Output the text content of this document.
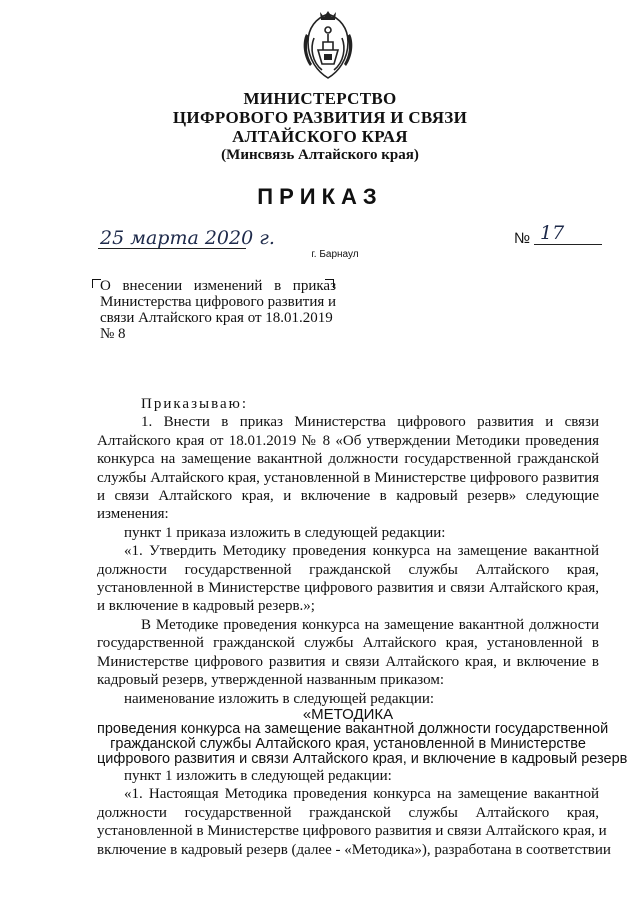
МИНИСТЕРСТВО
ЦИФРОВОГО РАЗВИТИЯ И СВЯЗИ
АЛТАЙСКОГО КРАЯ
(Минсвязь Алтайского края)
ПРИКАЗ
25 марта 2020 г.	№ 17
г. Барнаул
О внесении изменений в приказ
Министерства цифрового развития и
связи Алтайского края от 18.01.2019
№ 8

Приказываю:

1. Внести в приказ Министерства цифрового развития и связи

Алтайского края от 18.01.2019 № 8 «Об утверждении Методики проведения

конкурса на замещение вакантной должности государственной гражданской

службы Алтайского края, установленной в Министерстве цифрового развития

и связи Алтайского края, и включение в кадровый резерв» следующие

изменения:

пункт 1 приказа изложить в следующей редакции:

«1. Утвердить Методику проведения конкурса на замещение вакантной

должности государственной гражданской службы Алтайского края,

установленной в Министерстве цифрового развития и связи Алтайского края,

и включение в кадровый резерв.»;

В Методике проведения конкурса на замещение вакантной должности

государственной гражданской службы Алтайского края, установленной в

Министерстве цифрового развития и связи Алтайского края, и включение в

кадровый резерв, утвержденной названным приказом:

наименование изложить в следующей редакции:

«МЕТОДИКА

проведения конкурса на замещение вакантной должности государственной

гражданской службы Алтайского края, установленной в Министерстве

цифрового развития и связи Алтайского края, и включение в кадровый резерв

пункт 1 изложить в следующей редакции:

«1. Настоящая Методика проведения конкурса на замещение вакантной

должности государственной гражданской службы Алтайского края,

установленной в Министерстве цифрового развития и связи Алтайского края, и

включение в кадровый резерв (далее - «Методика»), разработана в соответствии
